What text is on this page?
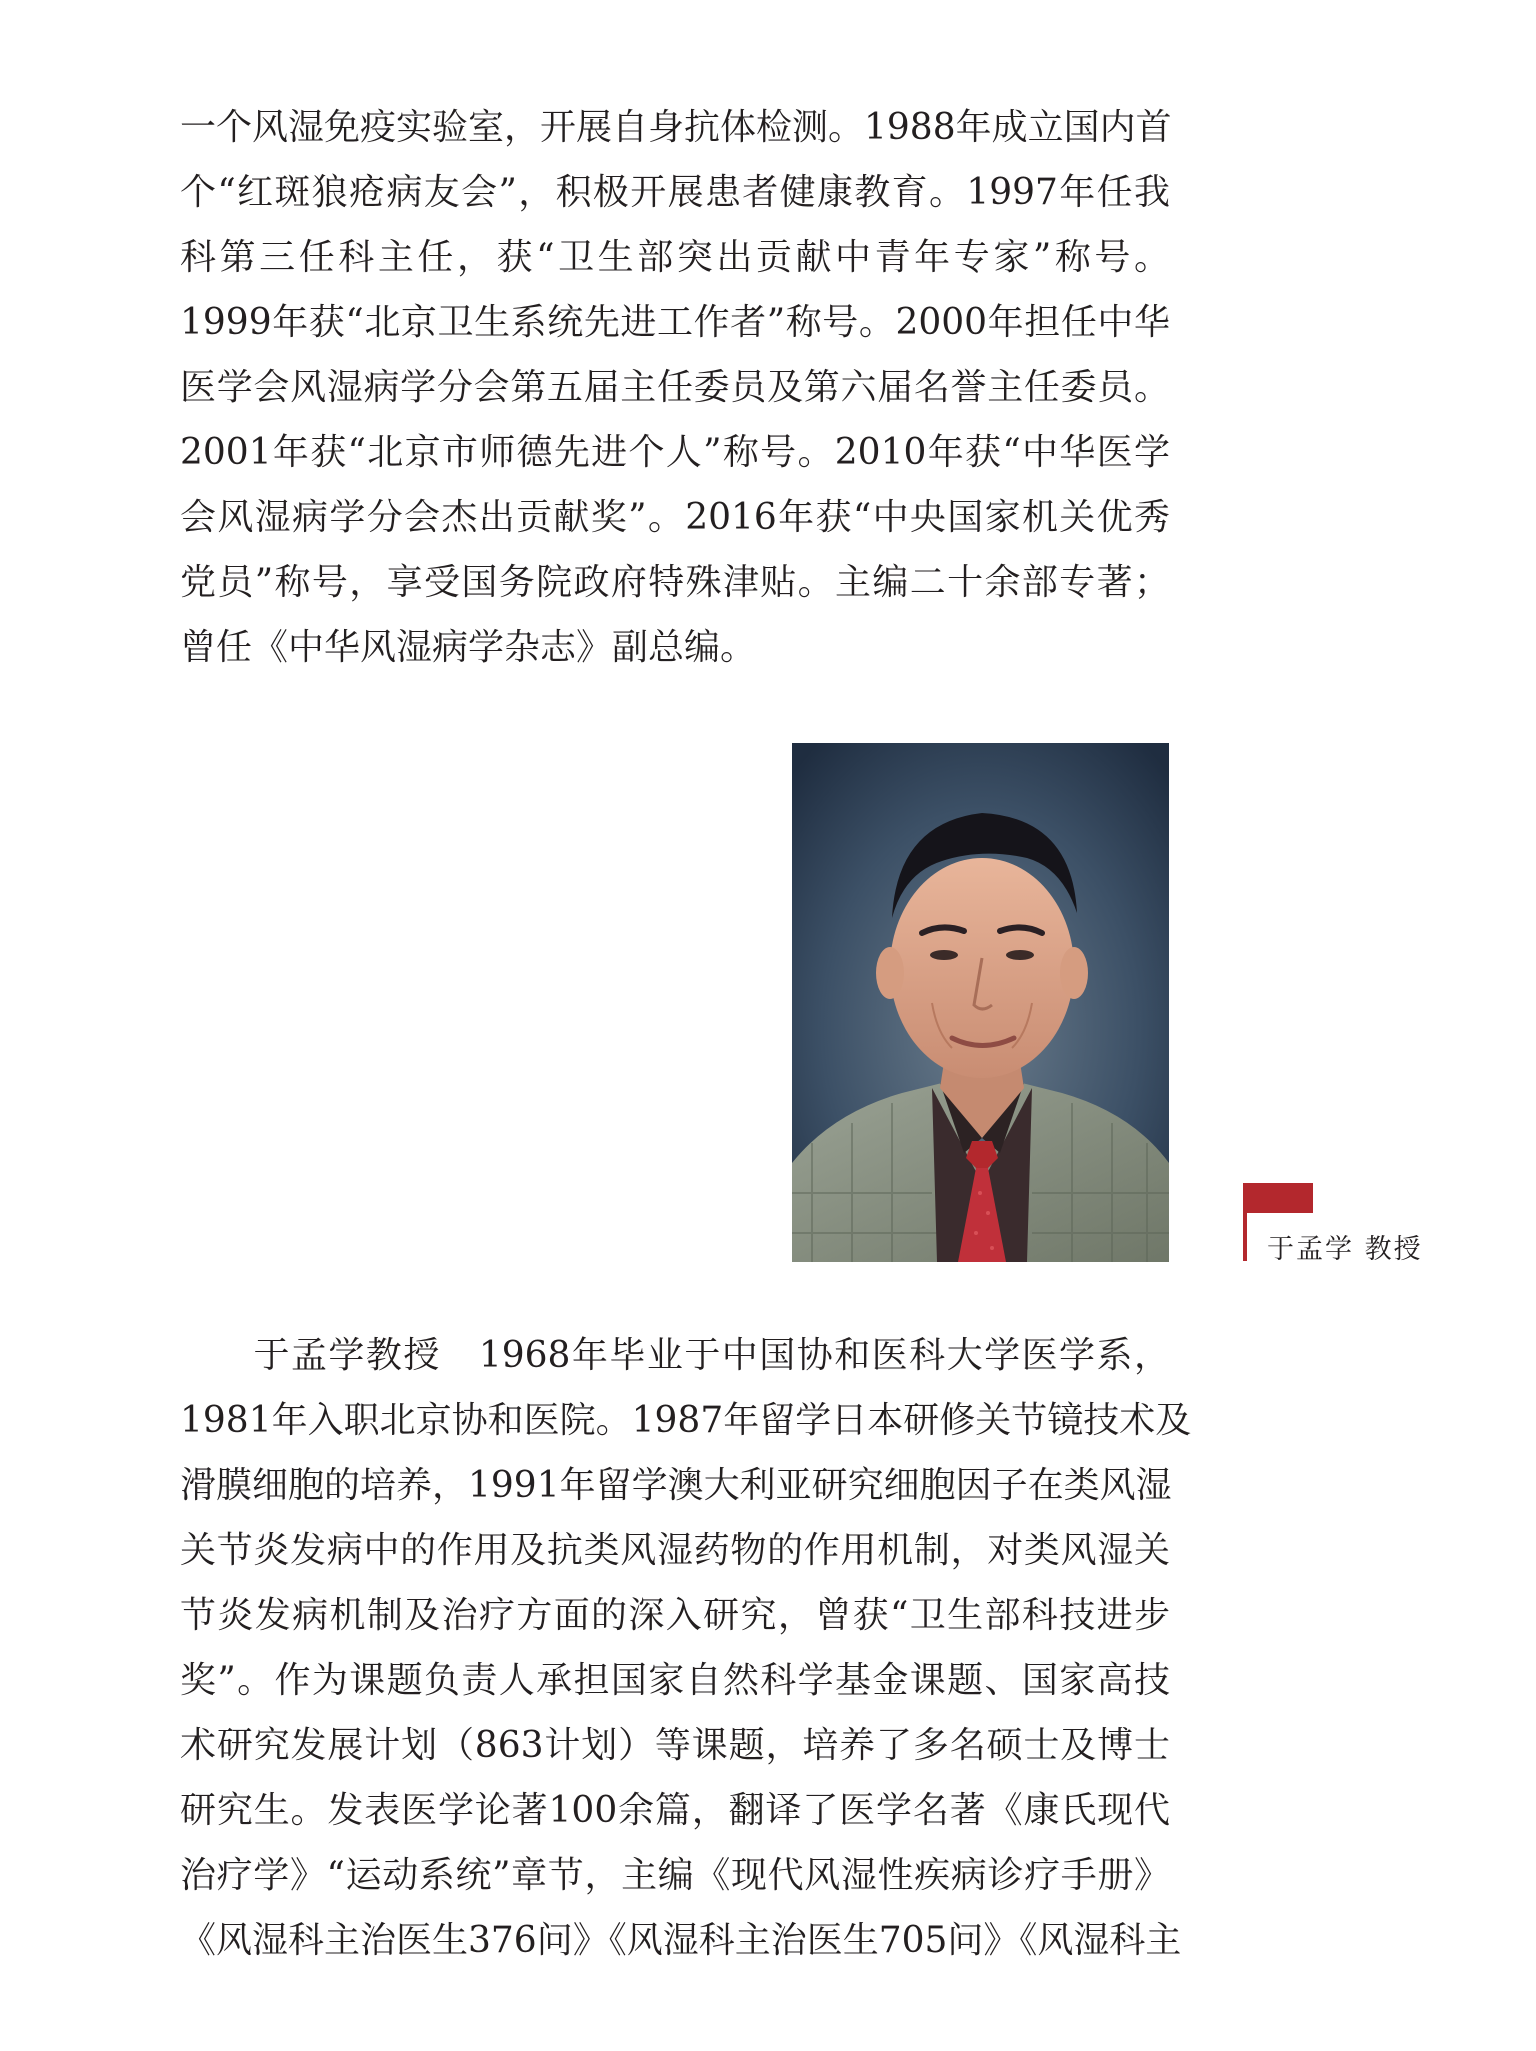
一个风湿免疫实验室，开展自身抗体检测。1988年成立国内首
个“红斑狼疮病友会”，积极开展患者健康教育。1997年任我
科第三任科主任，获“卫生部突出贡献中青年专家”称号。
1999年获“北京卫生系统先进工作者”称号。2000年担任中华
医学会风湿病学分会第五届主任委员及第六届名誉主任委员。
2001年获“北京市师德先进个人”称号。2010年获“中华医学
会风湿病学分会杰出贡献奖”。2016年获“中央国家机关优秀
党员”称号，享受国务院政府特殊津贴。主编二十余部专著；
曾任《中华风湿病学杂志》副总编。
于孟学 教授
于孟学教授 1968年毕业于中国协和医科大学医学系，
1981年入职北京协和医院。1987年留学日本研修关节镜技术及
滑膜细胞的培养，1991年留学澳大利亚研究细胞因子在类风湿
关节炎发病中的作用及抗类风湿药物的作用机制，对类风湿关
节炎发病机制及治疗方面的深入研究，曾获“卫生部科技进步
奖”。作为课题负责人承担国家自然科学基金课题、国家高技
术研究发展计划（863计划）等课题，培养了多名硕士及博士
研究生。发表医学论著100余篇，翻译了医学名著《康氏现代
治疗学》“运动系统”章节，主编《现代风湿性疾病诊疗手册》
《风湿科主治医生376问》《风湿科主治医生705问》《风湿科主
